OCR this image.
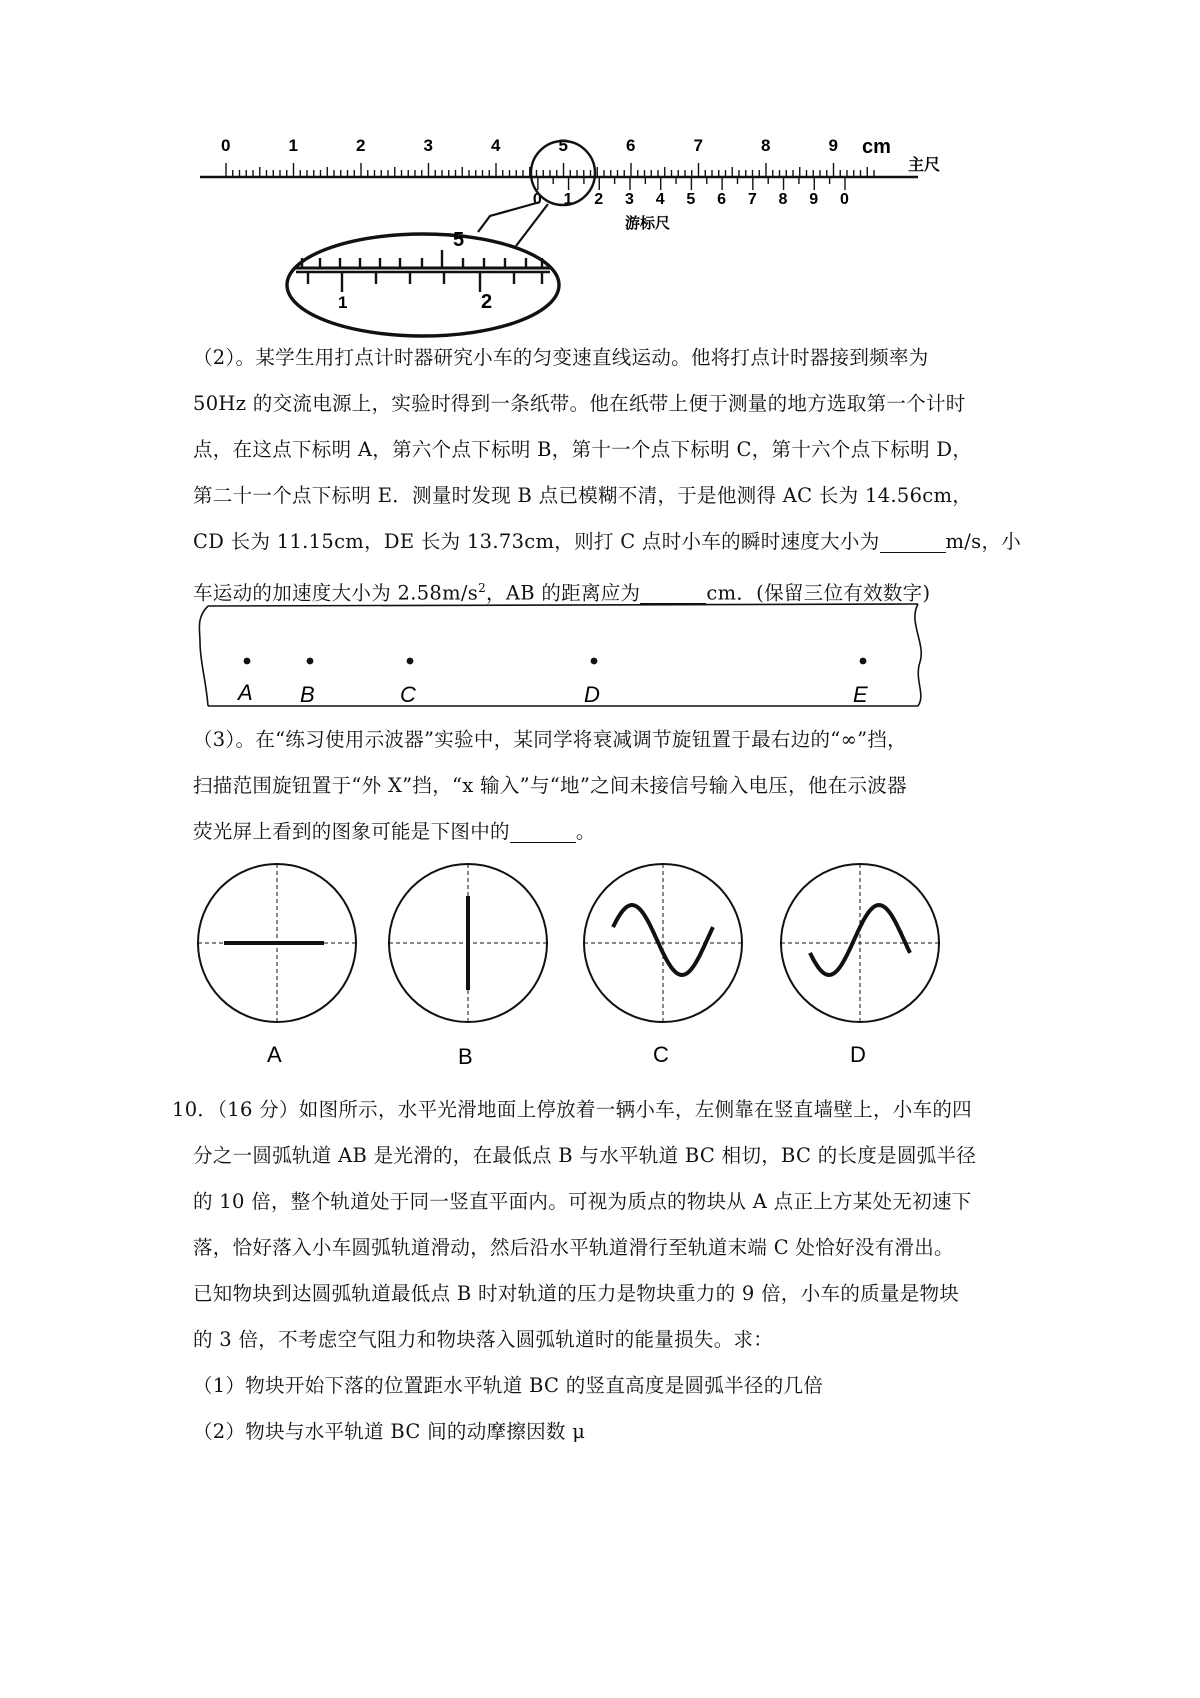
0	1	2	3	4	5	6	7	8	9 cm
主尺
0 1 2 3 4 5 6 7 8 9 0
游标尺
5
1	2
（2）。某学生用打点计时器研究小车的匀变速直线运动。他将打点计时器接到频率为
50Hz 的交流电源上，实验时得到一条纸带。他在纸带上便于测量的地方选取第一个计时
点，在这点下标明 A，第六个点下标明 B，第十一个点下标明 C，第十六个点下标明 D，
第二十一个点下标明 E．测量时发现 B 点已模糊不清，于是他测得 AC 长为 14.56cm，
CD 长为 11.15cm，DE 长为 13.73cm，则打 C 点时小车的瞬时速度大小为	m/s，小
车运动的加速度大小为 $2.58m/s^2$，AB 的距离应为	cm．(保留三位有效数字)
A B	C	D	E
（3）。在“练习使用示波器”实验中，某同学将衰减调节旋钮置于最右边的“∞”挡，
扫描范围旋钮置于“外 X”挡，“x 输入”与“地”之间未接信号输入电压，他在示波器
荧光屏上看到的图象可能是下图中的	。
A	B	C	D
10．（16 分）如图所示，水平光滑地面上停放着一辆小车，左侧靠在竖直墙壁上，小车的四
分之一圆弧轨道 AB 是光滑的，在最低点 B 与水平轨道 BC 相切，BC 的长度是圆弧半径
的 10 倍，整个轨道处于同一竖直平面内。可视为质点的物块从 A 点正上方某处无初速下
落，恰好落入小车圆弧轨道滑动，然后沿水平轨道滑行至轨道末端 C 处恰好没有滑出。
已知物块到达圆弧轨道最低点 B 时对轨道的压力是物块重力的 9 倍，小车的质量是物块
的 3 倍，不考虑空气阻力和物块落入圆弧轨道时的能量损失。求：
（1）物块开始下落的位置距水平轨道 BC 的竖直高度是圆弧半径的几倍
（2）物块与水平轨道 BC 间的动摩擦因数 μ
